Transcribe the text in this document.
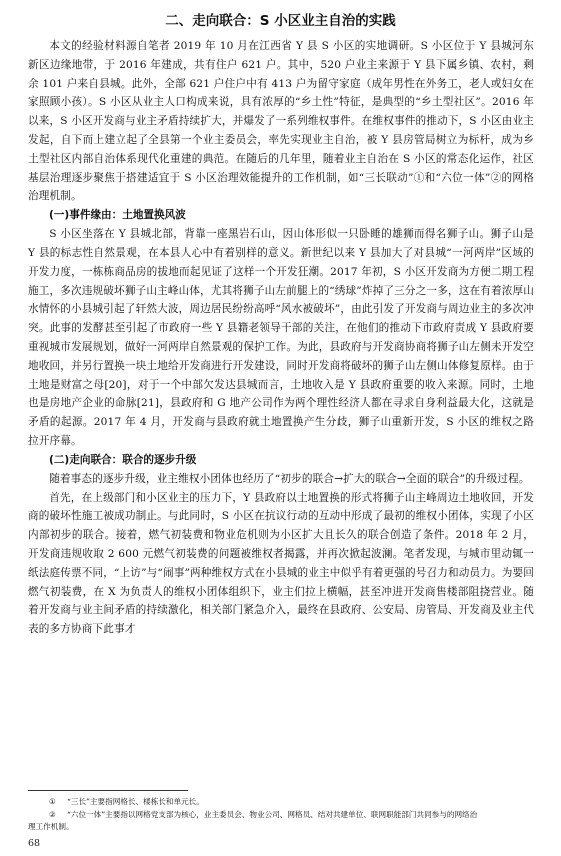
二、走向联合：S 小区业主自治的实践

本文的经验材料源自笔者 2019 年 10 月在江西省 Y 县 S 小区的实地调研。S 小区位于 Y 县城河东新区边缘地带，于 2016 年建成，共有住户 621 户。其中，520 户业主来源于 Y 县下属乡镇、农村，剩余 101 户来自县城。此外，全部 621 户住户中有 413 户为留守家庭（成年男性在外务工，老人或妇女在家照顾小孩）。S 小区从业主人口构成来说，具有浓厚的“乡土性”特征，是典型的“乡土型社区”。2016 年以来，S 小区开发商与业主矛盾持续扩大，并爆发了一系列维权事件。在维权事件的推动下，S 小区由业主发起，自下而上建立起了全县第一个业主委员会，率先实现业主自治，被 Y 县房管局树立为标杆，成为乡土型社区内部自治体系现代化重建的典范。在随后的几年里，随着业主自治在 S 小区的常态化运作，社区基层治理逐步聚焦于搭建适宜于 S 小区治理效能提升的工作机制，如“三长联动”①和“六位一体”②的网格治理机制。

(一)事件缘由：土地置换风波

S 小区坐落在 Y 县城北部，背靠一座黑岩石山，因山体形似一只卧睡的雄狮而得名狮子山。狮子山是 Y 县的标志性自然景观，在本县人心中有着别样的意义。新世纪以来 Y 县加大了对县城“一河两岸”区域的开发力度，一栋栋商品房的拔地而起见证了这样一个开发狂潮。2017 年初，S 小区开发商为方便二期工程施工，多次违规破坏狮子山主峰山体，尤其将狮子山左前腿上的“绣球”炸掉了三分之一多，这在有着浓厚山水情怀的小县城引起了轩然大波，周边居民纷纷高呼“风水被破坏”，由此引发了开发商与周边业主的多次冲突。此事的发酵甚至引起了市政府一些 Y 县籍老领导干部的关注，在他们的推动下市政府责成 Y 县政府要重视城市发展规划，做好一河两岸自然景观的保护工作。为此，县政府与开发商协商将狮子山左侧未开发空地收回，并另行置换一块土地给开发商进行开发建设，同时开发商将破坏的狮子山左侧山体修复原样。由于土地是财富之母[20]，对于一个中部欠发达县城而言，土地收入是 Y 县政府重要的收入来源。同时，土地也是房地产企业的命脉[21]，县政府和 G 地产公司作为两个理性经济人都在寻求自身利益最大化，这就是矛盾的起源。2017 年 4 月，开发商与县政府就土地置换产生分歧，狮子山重新开发，S 小区的维权之路拉开序幕。

(二)走向联合：联合的逐步升级

随着事态的逐步升级，业主维权小团体也经历了“初步的联合→扩大的联合→全面的联合”的升级过程。

首先，在上级部门和小区业主的压力下，Y 县政府以土地置换的形式将狮子山主峰周边土地收回，开发商的破坏性施工被成功制止。与此同时，S 小区在抗议行动的互动中形成了最初的维权小团体，实现了小区内部初步的联合。接着，燃气初装费和物业危机则为小区扩大且长久的联合创造了条件。2018 年 2 月，开发商违规收取 2 600 元燃气初装费的问题被维权者揭露，并再次掀起波澜。笔者发现，与城市里动辄一纸法庭传票不同，“上访”与“闹事”两种维权方式在小县城的业主中似乎有着更强的号召力和动员力。为要回燃气初装费，在 X 为负责人的维权小团体组织下，业主们拉上横幅，甚至冲进开发商售楼部阻挠营业。随着开发商与业主间矛盾的持续激化，相关部门紧急介入，最终在县政府、公安局、房管局、开发商及业主代表的多方协商下此事才

① “三长”主要指网格长、楼栋长和单元长。

② “六位一体”主要指以网格党支部为核心，业主委员会、物业公司、网格员、结对共建单位、联网职能部门共同参与的网络治

理工作机制。

68
